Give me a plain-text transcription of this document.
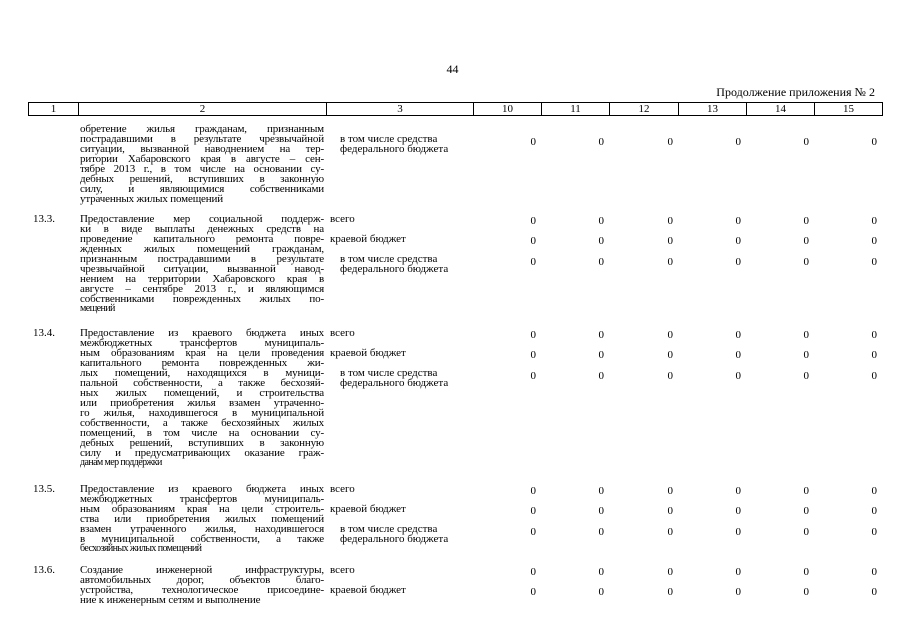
44
Продолжение приложения № 2
1	2	3	10	11	12	13	14	15
обретение жилья гражданам, признанным
пострадавшими в результате чрезвычайной
ситуации, вызванной наводнением на тер-
ритории Хабаровского края в августе – сен-
тябре 2013 г., в том числе на основании су-
дебных решений, вступивших в законную
силу, и являющимися собственниками
утраченных жилых помещений
в том числе средства
федерального бюджета
0	0	0	0	0	0
13.3. Предоставление мер социальной поддерж-
ки в виде выплаты денежных средств на
проведение капитального ремонта повре-
жденных жилых помещений гражданам,
признанным пострадавшими в результате
чрезвычайной ситуации, вызванной навод-
нением на территории Хабаровского края в
августе – сентябре 2013 г., и являющимся
собственниками поврежденных жилых по-
мещений
всего	0	0	0	0	0	0
краевой бюджет	0	0	0	0	0	0
в том числе средства
федерального бюджета
0	0	0	0	0	0
13.4. Предоставление из краевого бюджета иных
межбюджетных трансфертов муниципаль-
ным образованиям края на цели проведения
капитального ремонта поврежденных жи-
лых помещений, находящихся в муници-
пальной собственности, а также бесхозяй-
ных жилых помещений, и строительства
или приобретения жилья взамен утраченно-
го жилья, находившегося в муниципальной
собственности, а также бесхозяйных жилых
помещений, в том числе на основании су-
дебных решений, вступивших в законную
силу и предусматривающих оказание граж-
данам мер поддержки
всего	0	0	0	0	0	0
краевой бюджет	0	0	0	0	0	0
в том числе средства
федерального бюджета
0	0	0	0	0	0
13.5. Предоставление из краевого бюджета иных
межбюджетных трансфертов муниципаль-
ным образованиям края на цели строитель-
ства или приобретения жилых помещений
взамен утраченного жилья, находившегося
в муниципальной собственности, а также
бесхозяйных жилых помещений
всего	0	0	0	0	0	0
краевой бюджет	0	0	0	0	0	0
в том числе средства
федерального бюджета
0	0	0	0	0	0
13.6. Создание инженерной инфраструктуры,
автомобильных дорог, объектов благо-
устройства, технологическое присоедине-
ние к инженерным сетям и выполнение
всего	0	0	0	0	0	0
краевой бюджет	0	0	0	0	0	0
